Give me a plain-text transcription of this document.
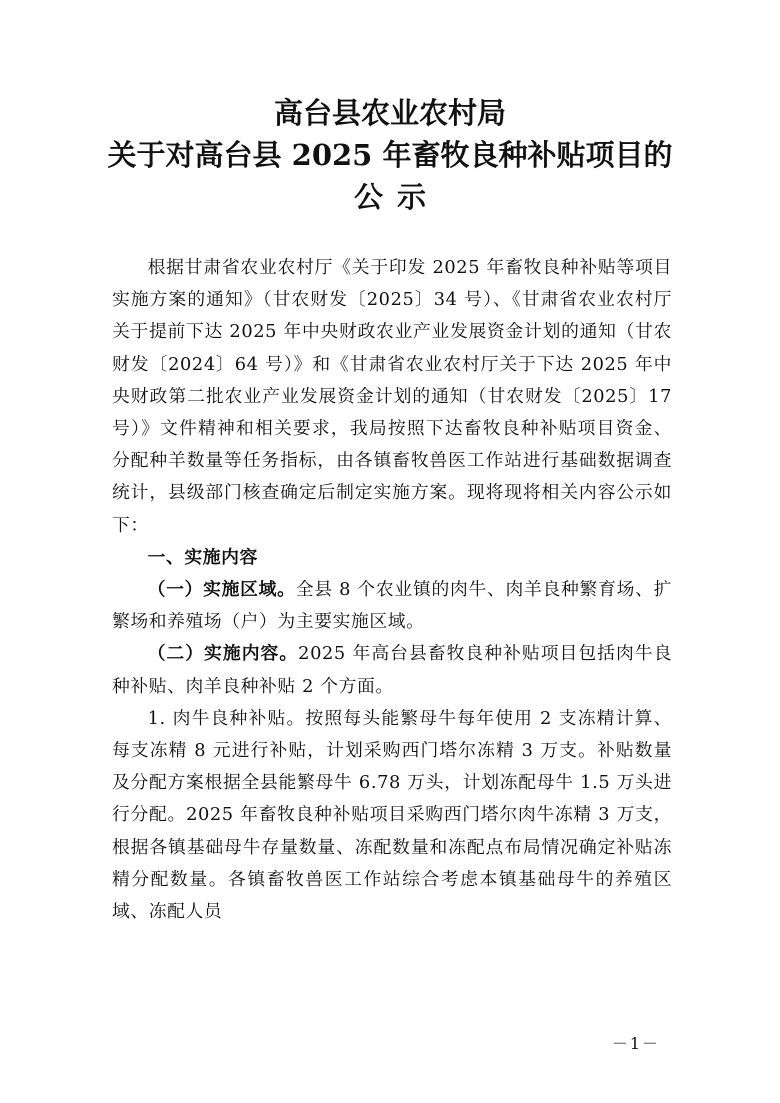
高台县农业农村局
关于对高台县 2025 年畜牧良种补贴项目的
公示

根据甘肃省农业农村厅《关于印发 2025 年畜牧良种补贴等项目实施方案的通知》（甘农财发〔2025〕34 号）、《甘肃省农业农村厅关于提前下达 2025 年中央财政农业产业发展资金计划的通知（甘农财发〔2024〕64 号）》和《甘肃省农业农村厅关于下达 2025 年中央财政第二批农业产业发展资金计划的通知（甘农财发〔2025〕17 号）》文件精神和相关要求，我局按照下达畜牧良种补贴项目资金、分配种羊数量等任务指标，由各镇畜牧兽医工作站进行基础数据调查统计，县级部门核查确定后制定实施方案。现将现将相关内容公示如下：

一、实施内容

（一）实施区域。全县 8 个农业镇的肉牛、肉羊良种繁育场、扩繁场和养殖场（户）为主要实施区域。

（二）实施内容。2025 年高台县畜牧良种补贴项目包括肉牛良种补贴、肉羊良种补贴 2 个方面。

1. 肉牛良种补贴。按照每头能繁母牛每年使用 2 支冻精计算、每支冻精 8 元进行补贴，计划采购西门塔尔冻精 3 万支。补贴数量及分配方案根据全县能繁母牛 6.78 万头，计划冻配母牛 1.5 万头进行分配。2025 年畜牧良种补贴项目采购西门塔尔肉牛冻精 3 万支，根据各镇基础母牛存量数量、冻配数量和冻配点布局情况确定补贴冻精分配数量。各镇畜牧兽医工作站综合考虑本镇基础母牛的养殖区域、冻配人员

－1－
